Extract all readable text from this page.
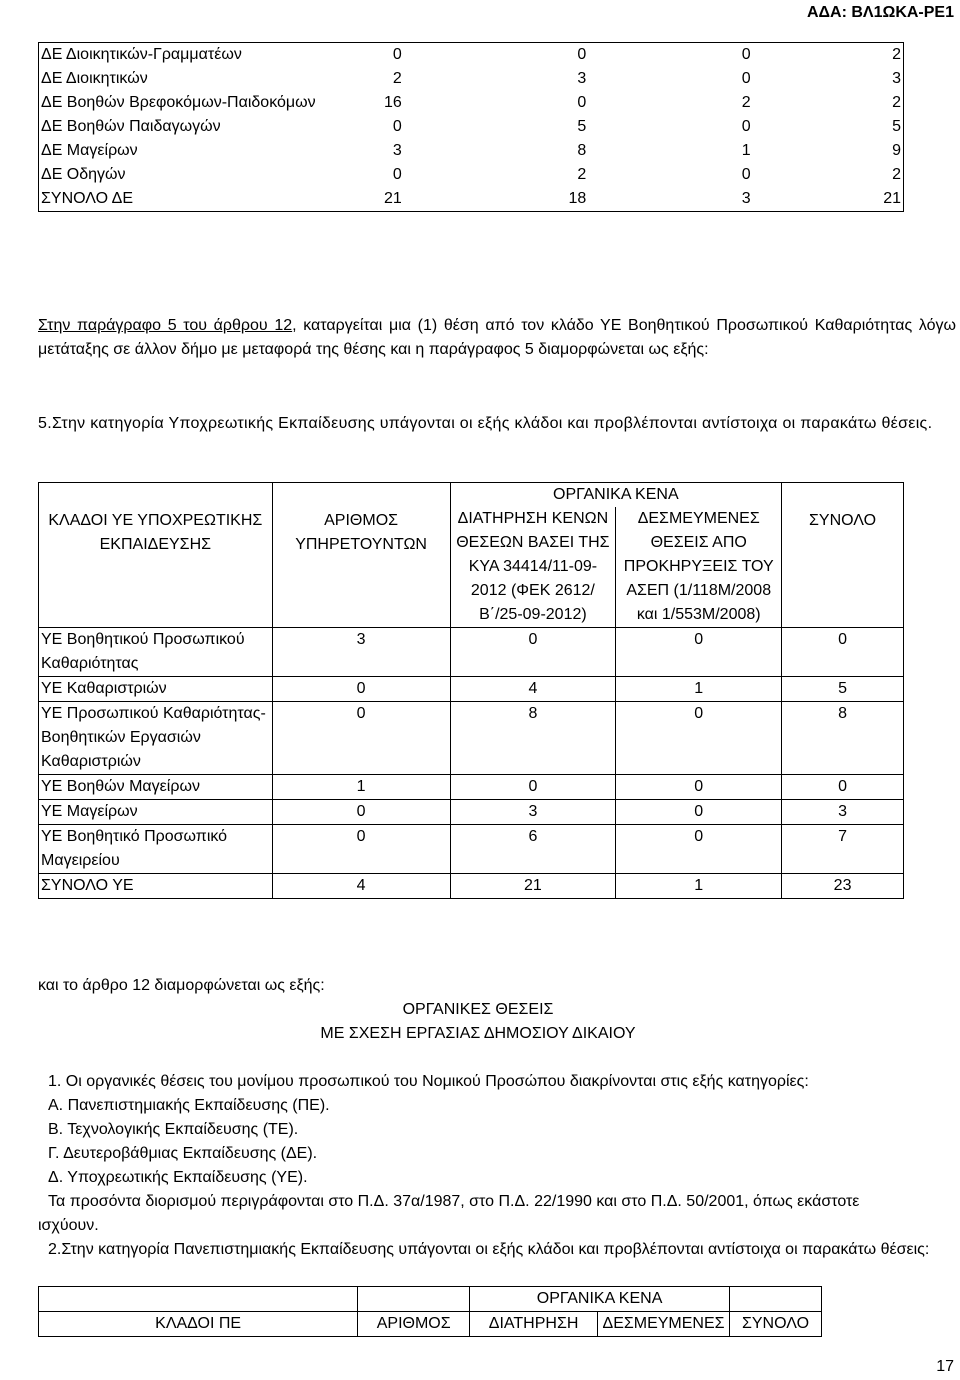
ΑΔΑ: ΒΛ1ΩΚΑ-ΡΕ1
ΔΕ Διοικητικών-Γραμματέων	0	0	0	2
ΔΕ Διοικητικών	2	3	0	3
ΔΕ Βοηθών Βρεφοκόμων-Παιδοκόμων	16	0	2	2
ΔΕ Βοηθών Παιδαγωγών	0	5	0	5
ΔΕ Μαγείρων	3	8	1	9
ΔΕ Οδηγών	0	2	0	2
ΣΥΝΟΛΟ ΔΕ	21	18	3	21
Στην παράγραφο 5 του άρθρου 12, καταργείται μια (1) θέση από τον κλάδο ΥΕ Βοηθητικού Προσωπικού Καθαριότητας λόγω μετάταξης σε άλλον δήμο με μεταφορά της θέσης και η παράγραφος 5 διαμορφώνεται ως εξής:
5.Στην κατηγορία Υποχρεωτικής Εκπαίδευσης υπάγονται οι εξής κλάδοι και προβλέπονται αντίστοιχα οι παρακάτω θέσεις.
ΚΛΑΔΟΙ ΥΕ ΥΠΟΧΡΕΩΤΙΚΗΣ ΕΚΠΑΙΔΕΥΣΗΣ	ΑΡΙΘΜΟΣ ΥΠΗΡΕΤΟΥΝΤΩΝ	ΟΡΓΑΝΙΚΑ ΚΕΝΑ		ΣΥΝΟΛΟ
		ΔΙΑΤΗΡΗΣΗ ΚΕΝΩΝ ΘΕΣΕΩΝ ΒΑΣΕΙ ΤΗΣ ΚΥΑ 34414/11-09-2012 (ΦΕΚ 2612/Β΄/25-09-2012)	ΔΕΣΜΕΥΜΕΝΕΣ ΘΕΣΕΙΣ ΑΠΟ ΠΡΟΚΗΡΥΞΕΙΣ ΤΟΥ ΑΣΕΠ (1/118Μ/2008 και 1/553Μ/2008)	
ΥΕ Βοηθητικού Προσωπικού Καθαριότητας	3	0	0	0
ΥΕ Καθαριστριών	0	4	1	5
ΥΕ Προσωπικού Καθαριότητας-Βοηθητικών Εργασιών Καθαριστριών	0	8	0	8
ΥΕ Βοηθών Μαγείρων	1	0	0	0
ΥΕ Μαγείρων	0	3	0	3
ΥΕ Βοηθητικό Προσωπικό Μαγειρείου	0	6	0	7
ΣΥΝΟΛΟ ΥΕ	4	21	1	23
και το άρθρο 12 διαμορφώνεται ως εξής:
ΟΡΓΑΝΙΚΕΣ ΘΕΣΕΙΣ
ΜΕ ΣΧΕΣΗ ΕΡΓΑΣΙΑΣ ΔΗΜΟΣΙΟΥ ΔΙΚΑΙΟΥ
1. Οι οργανικές θέσεις του μονίμου προσωπικού του Νομικού Προσώπου διακρίνονται στις εξής κατηγορίες:
Α. Πανεπιστημιακής Εκπαίδευσης (ΠΕ).
Β. Τεχνολογικής Εκπαίδευσης (ΤΕ).
Γ. Δευτεροβάθμιας Εκπαίδευσης (ΔΕ).
Δ. Υποχρεωτικής Εκπαίδευσης (ΥΕ).
Τα προσόντα διορισμού περιγράφονται στο Π.Δ. 37α/1987, στο Π.Δ. 22/1990 και στο Π.Δ. 50/2001, όπως εκάστοτε ισχύουν.
2.Στην κατηγορία Πανεπιστημιακής Εκπαίδευσης υπάγονται οι εξής κλάδοι και προβλέπονται αντίστοιχα οι παρακάτω θέσεις:
		ΟΡΓΑΝΙΚΑ ΚΕΝΑ		
ΚΛΑΔΟΙ ΠΕ	ΑΡΙΘΜΟΣ	ΔΙΑΤΗΡΗΣΗ	ΔΕΣΜΕΥΜΕΝΕΣ	ΣΥΝΟΛΟ
17
